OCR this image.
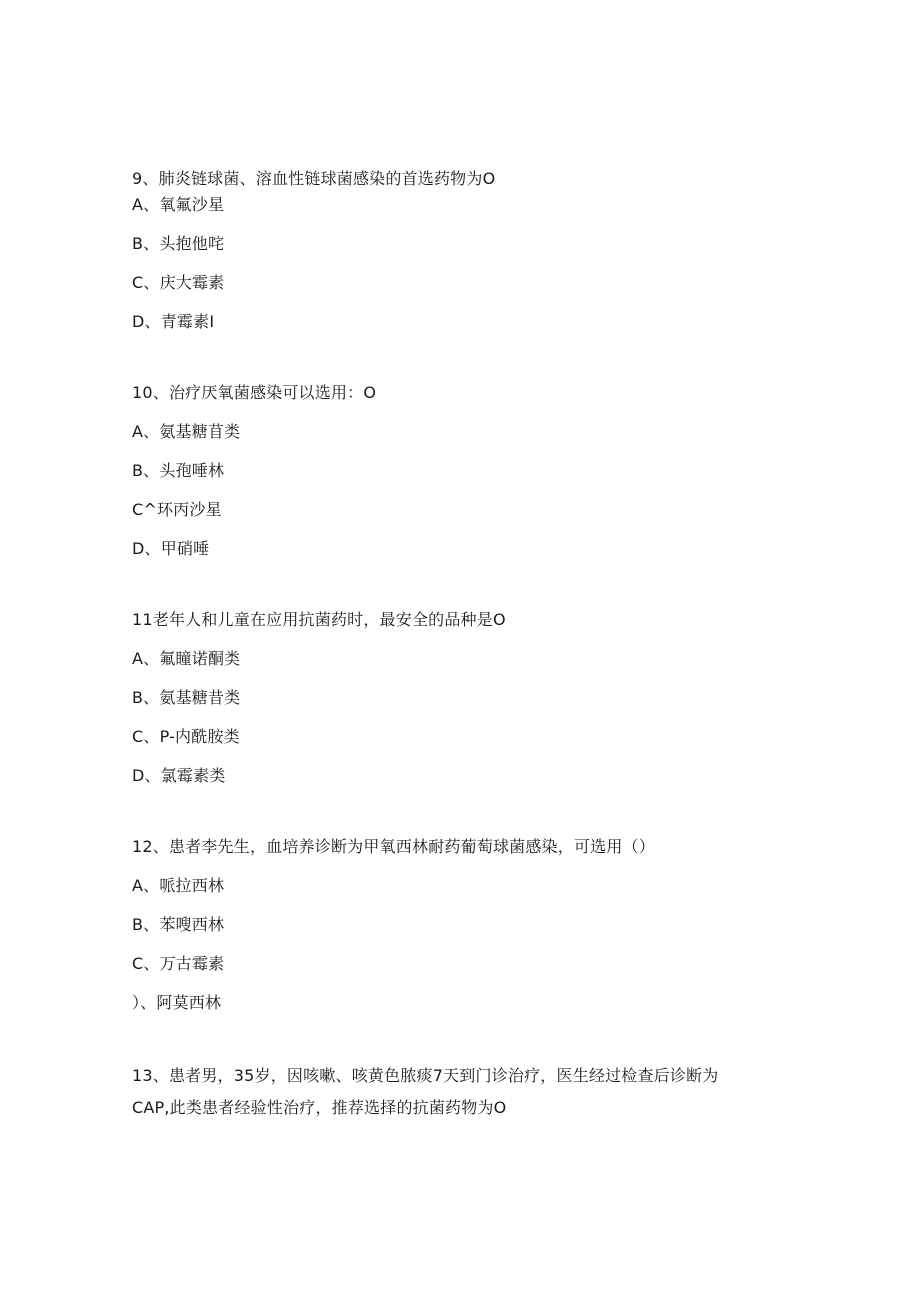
9、肺炎链球菌、溶血性链球菌感染的首选药物为O
A、氧氟沙星
B、头抱他咤
C、庆大霉素
D、青霉素I
10、治疗厌氧菌感染可以选用：O
A、氨基糖苜类
B、头孢唾林
C^环丙沙星
D、甲硝唾
11老年人和儿童在应用抗菌药时，最安全的品种是O
A、氟瞳诺酮类
B、氨基糖昔类
C、P-内酰胺类
D、氯霉素类
12、患者李先生，血培养诊断为甲氧西林耐药葡萄球菌感染，可选用（）
A、哌拉西林
B、苯嗖西林
C、万古霉素
）、阿莫西林
13、患者男，35岁，因咳嗽、咳黄色脓痰7天到门诊治疗，医生经过检查后诊断为
CAP,此类患者经验性治疗，推荐选择的抗菌药物为O
